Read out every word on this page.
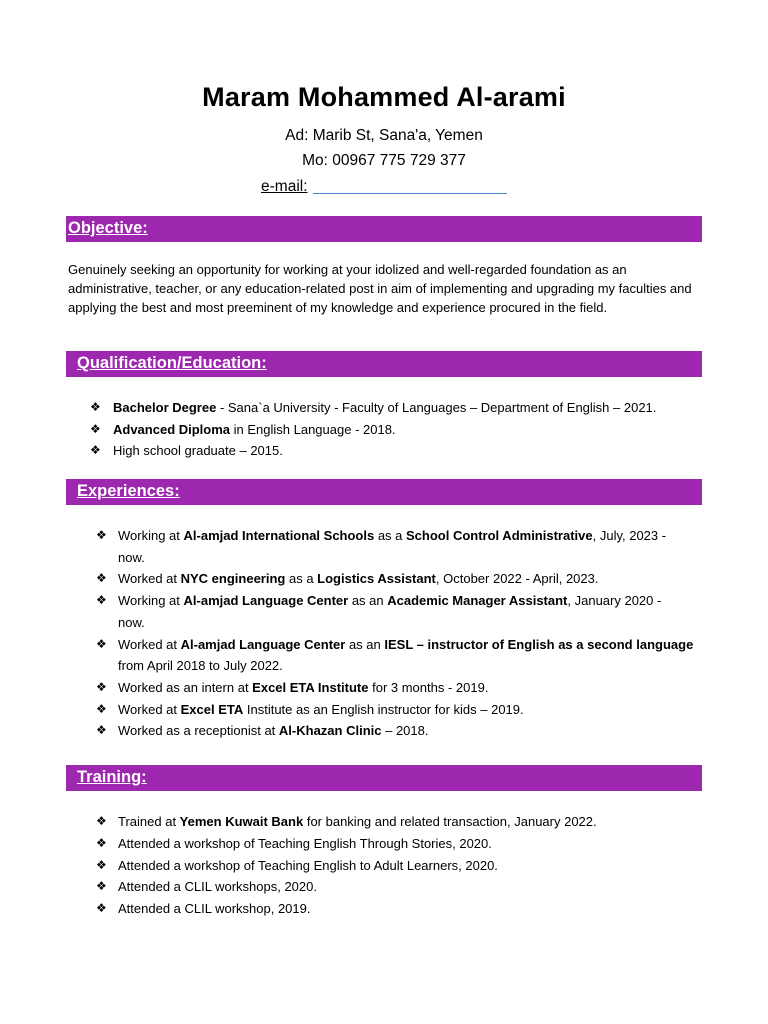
Maram Mohammed Al-arami
Ad: Marib St, Sana'a, Yemen
Mo: 00967 775 729 377
e-mail:
Objective:
Genuinely seeking an opportunity for working at your idolized and well-regarded foundation as an administrative, teacher, or any education-related post in aim of implementing and upgrading my faculties and applying the best and most preeminent of my knowledge and experience procured in the field.
Qualification/Education:
❖ Bachelor Degree - Sana`a University - Faculty of Languages – Department of English – 2021.
❖ Advanced Diploma in English Language - 2018.
❖ High school graduate – 2015.
Experiences:
❖ Working at Al-amjad International Schools as a School Control Administrative, July, 2023 -
now.
❖ Worked at NYC engineering as a Logistics Assistant, October 2022 - April, 2023.
❖ Working at Al-amjad Language Center as an Academic Manager Assistant, January 2020 -
now.
❖ Worked at Al-amjad Language Center as an IESL – instructor of English as a second language
from April 2018 to July 2022.
❖ Worked as an intern at Excel ETA Institute for 3 months - 2019.
❖ Worked at Excel ETA Institute as an English instructor for kids – 2019.
❖ Worked as a receptionist at Al-Khazan Clinic – 2018.
Training:
❖ Trained at Yemen Kuwait Bank for banking and related transaction, January 2022.
❖ Attended a workshop of Teaching English Through Stories, 2020.
❖ Attended a workshop of Teaching English to Adult Learners, 2020.
❖ Attended a CLIL workshops, 2020.
❖ Attended a CLIL workshop, 2019.
